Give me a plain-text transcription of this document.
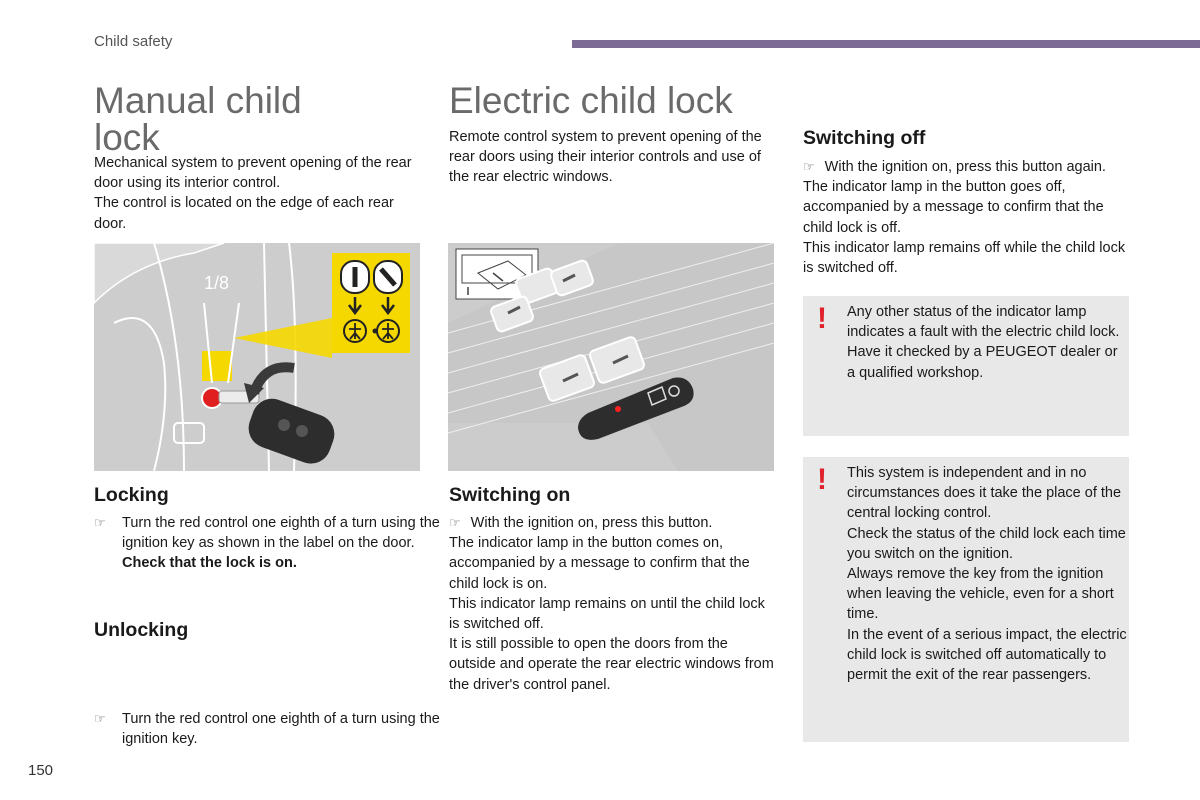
Child safety
Manual child
lock

Mechanical system to prevent opening of the rear door using its interior control.

The control is located on the edge of each rear door.

1/8
Locking
☞ Turn the red control one eighth of a turn using the ignition key as shown in the label on the door. Check that the lock is on.
Unlocking
☞ Turn the red control one eighth of a turn using the ignition key.
Electric child lock
Remote control system to prevent opening of the rear doors using their interior controls and use of the rear electric windows.
Switching on
☞ With the ignition on, press this button.

The indicator lamp in the button comes on, accompanied by a message to confirm that the child lock is on.

This indicator lamp remains on until the child lock is switched off.

It is still possible to open the doors from the outside and operate the rear electric windows from the driver's control panel.

Switching off
☞ With the ignition on, press this button again.

The indicator lamp in the button goes off, accompanied by a message to confirm that the child lock is off.

This indicator lamp remains off while the child lock is switched off.

! Any other status of the indicator lamp indicates a fault with the electric child lock.
Have it checked by a PEUGEOT dealer or a qualified workshop.
! This system is independent and in no circumstances does it take the place of the central locking control.
Check the status of the child lock each time you switch on the ignition.
Always remove the key from the ignition when leaving the vehicle, even for a short time.
In the event of a serious impact, the electric child lock is switched off automatically to permit the exit of the rear passengers.
150
